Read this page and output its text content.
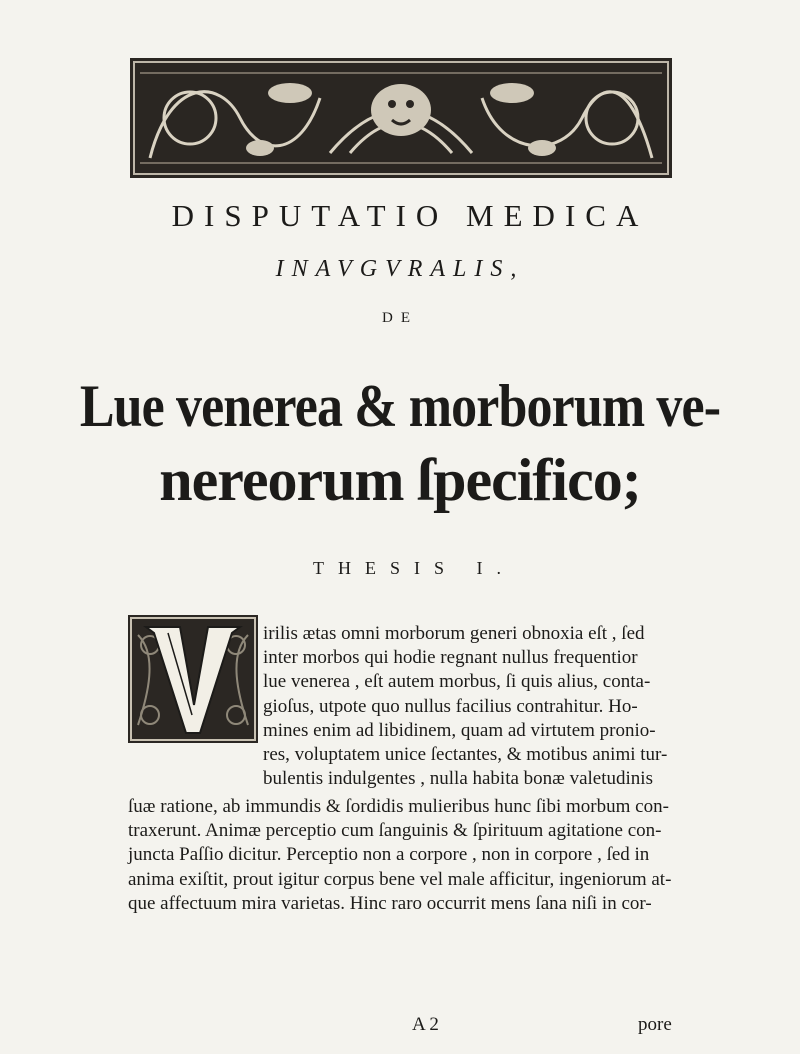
DISPUTATIO MEDICA
INAVGVRALIS,
DE
Lue venerea & morborum ve-
nereorum ſpecifico;
THESIS I.
irilis ætas omni morborum generi obnoxia eſt , ſed
inter morbos qui hodie regnant nullus frequentior
lue venerea , eſt autem morbus, ſi quis alius, conta-
gioſus, utpote quo nullus facilius contrahitur. Ho-
mines enim ad libidinem, quam ad virtutem pronio-
res, voluptatem unice ſectantes, & motibus animi tur-
bulentis indulgentes , nulla habita bonæ valetudinis
ſuæ ratione, ab immundis & ſordidis mulieribus hunc ſibi morbum con-
traxerunt. Animæ perceptio cum ſanguinis & ſpirituum agitatione con-
juncta Paſſio dicitur. Perceptio non a corpore , non in corpore , ſed in
anima exiſtit, prout igitur corpus bene vel male afficitur, ingeniorum at-
que affectuum mira varietas. Hinc raro occurrit mens ſana niſi in cor-
A 2	pore
